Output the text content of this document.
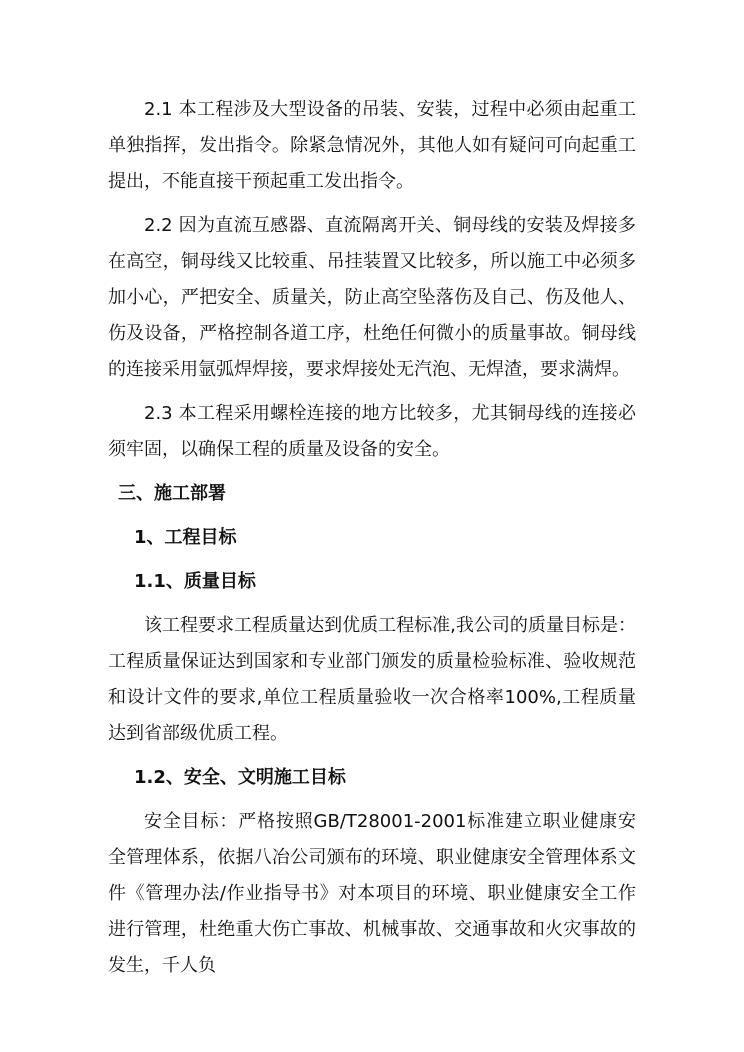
2.1 本工程涉及大型设备的吊装、安装，过程中必须由起重工单独指挥，发出指令。除紧急情况外，其他人如有疑问可向起重工提出，不能直接干预起重工发出指令。

2.2 因为直流互感器、直流隔离开关、铜母线的安装及焊接多在高空，铜母线又比较重、吊挂装置又比较多，所以施工中必须多加小心，严把安全、质量关，防止高空坠落伤及自己、伤及他人、伤及设备，严格控制各道工序，杜绝任何微小的质量事故。铜母线的连接采用氩弧焊焊接，要求焊接处无汽泡、无焊渣，要求满焊。

2.3 本工程采用螺栓连接的地方比较多，尤其铜母线的连接必须牢固，以确保工程的质量及设备的安全。

三、施工部署
1、工程目标
1.1、质量目标

该工程要求工程质量达到优质工程标准,我公司的质量目标是：工程质量保证达到国家和专业部门颁发的质量检验标准、验收规范和设计文件的要求,单位工程质量验收一次合格率100%,工程质量达到省部级优质工程。

1.2、安全、文明施工目标

安全目标：严格按照GB/T28001-2001标准建立职业健康安全管理体系，依据八冶公司颁布的环境、职业健康安全管理体系文件《管理办法/作业指导书》对本项目的环境、职业健康安全工作进行管理，杜绝重大伤亡事故、机械事故、交通事故和火灾事故的发生，千人负
